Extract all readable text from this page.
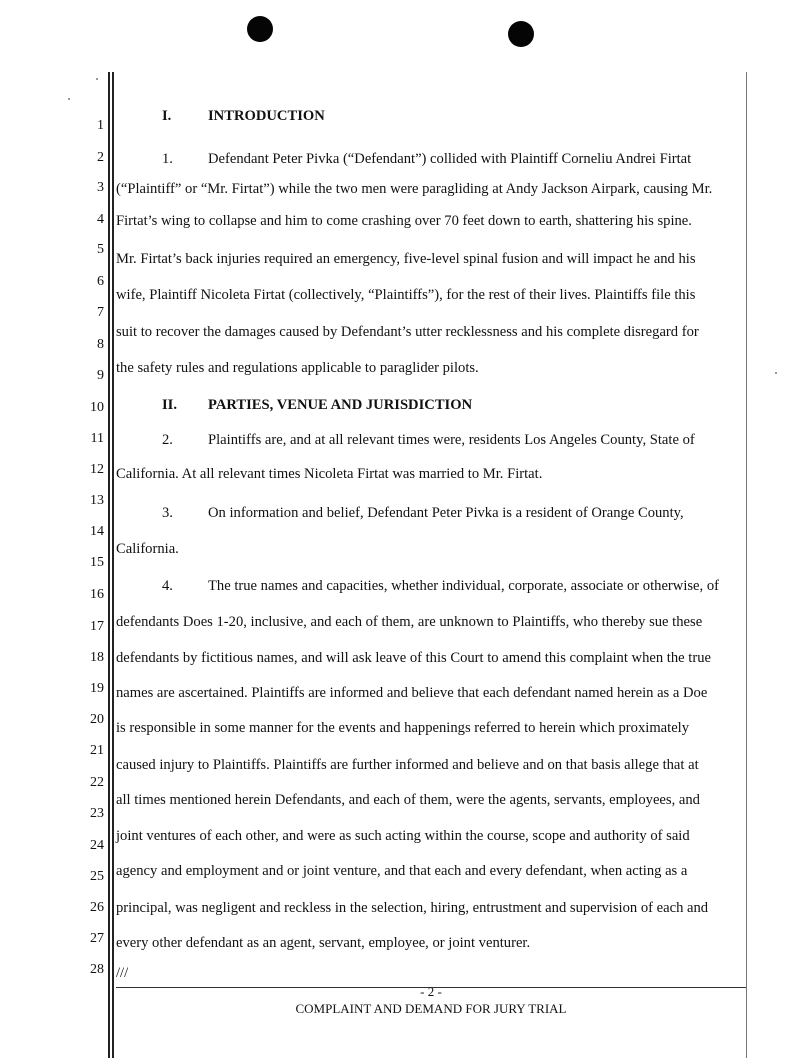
1
2
3
4
5
6
7
8
9
10
11
12
13
14
15
16
17
18
19
20
21
22
23
24
25
26
27
28
I.	INTRODUCTION
1. Defendant Peter Pivka (“Defendant”) collided with Plaintiff Corneliu Andrei Firtat
(“Plaintiff” or “Mr. Firtat”) while the two men were paragliding at Andy Jackson Airpark, causing Mr.
Firtat’s wing to collapse and him to come crashing over 70 feet down to earth, shattering his spine.
Mr. Firtat’s back injuries required an emergency, five-level spinal fusion and will impact he and his
wife, Plaintiff Nicoleta Firtat (collectively, “Plaintiffs”), for the rest of their lives. Plaintiffs file this
suit to recover the damages caused by Defendant’s utter recklessness and his complete disregard for
the safety rules and regulations applicable to paraglider pilots.
II. PARTIES, VENUE AND JURISDICTION
2. Plaintiffs are, and at all relevant times were, residents Los Angeles County, State of
California. At all relevant times Nicoleta Firtat was married to Mr. Firtat.
3. On information and belief, Defendant Peter Pivka is a resident of Orange County,
California.
4. The true names and capacities, whether individual, corporate, associate or otherwise, of
defendants Does 1-20, inclusive, and each of them, are unknown to Plaintiffs, who thereby sue these
defendants by fictitious names, and will ask leave of this Court to amend this complaint when the true
names are ascertained. Plaintiffs are informed and believe that each defendant named herein as a Doe
is responsible in some manner for the events and happenings referred to herein which proximately
caused injury to Plaintiffs. Plaintiffs are further informed and believe and on that basis allege that at
all times mentioned herein Defendants, and each of them, were the agents, servants, employees, and
joint ventures of each other, and were as such acting within the course, scope and authority of said
agency and employment and or joint venture, and that each and every defendant, when acting as a
principal, was negligent and reckless in the selection, hiring, entrustment and supervision of each and
every other defendant as an agent, servant, employee, or joint venturer.
///
- 2 -
COMPLAINT AND DEMAND FOR JURY TRIAL
